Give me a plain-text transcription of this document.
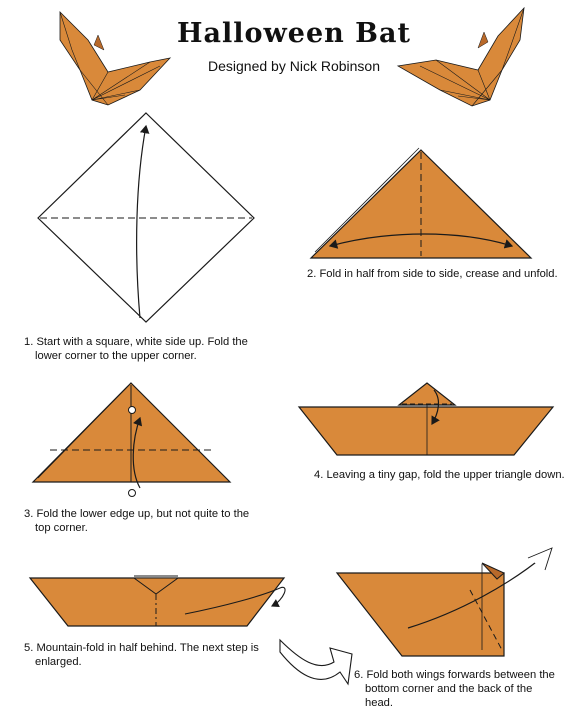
Halloween Bat
Designed by Nick Robinson
1. Start with a square, white side up. Fold the
lower corner to the upper corner.
2. Fold in half from side to side, crease and unfold.
3. Fold the lower edge up, but not quite to the
top corner.
4. Leaving a tiny gap, fold the upper triangle down.
5. Mountain-fold in half behind. The next step is
enlarged.
6. Fold both wings forwards between the
bottom corner and the back of the
head.
